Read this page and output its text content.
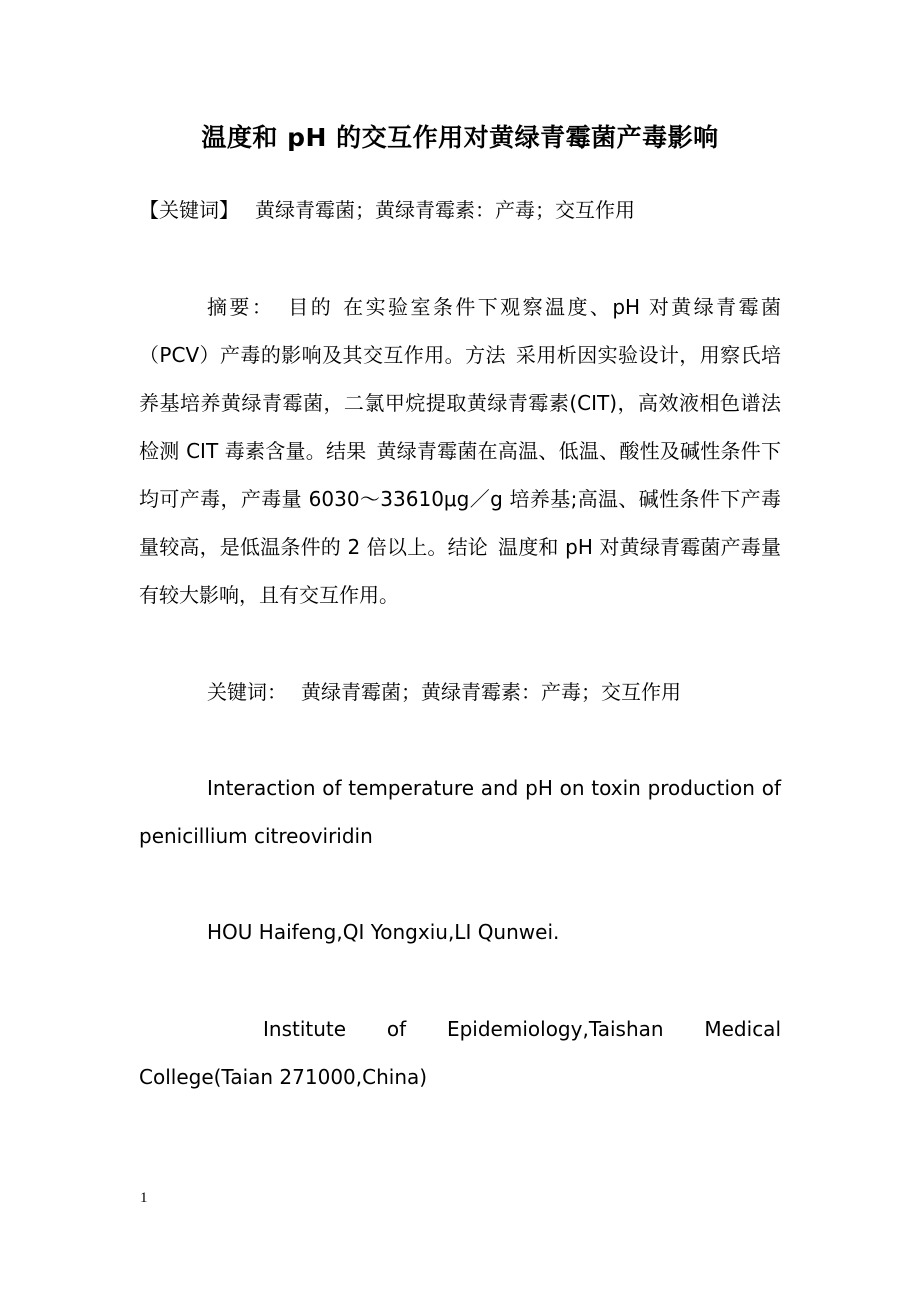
温度和 pH 的交互作用对黄绿青霉菌产毒影响
【关键词】 黄绿青霉菌；黄绿青霉素：产毒；交互作用
摘要： 目的 在实验室条件下观察温度、pH 对黄绿青霉菌（PCV）产毒的影响及其交互作用。方法 采用析因实验设计，用察氏培养基培养黄绿青霉菌，二氯甲烷提取黄绿青霉素(CIT)，高效液相色谱法检测 CIT 毒素含量。结果 黄绿青霉菌在高温、低温、酸性及碱性条件下均可产毒，产毒量 6030～33610μg／g 培养基;高温、碱性条件下产毒量较高，是低温条件的 2 倍以上。结论 温度和 pH 对黄绿青霉菌产毒量有较大影响，且有交互作用。
关键词： 黄绿青霉菌；黄绿青霉素：产毒；交互作用
Interaction of temperature and pH on toxin production of penicillium citreoviridin
HOU Haifeng,QI Yongxiu,LI Qunwei.
Institute of Epidemiology,Taishan Medical
College(Taian 271000,China)
1
